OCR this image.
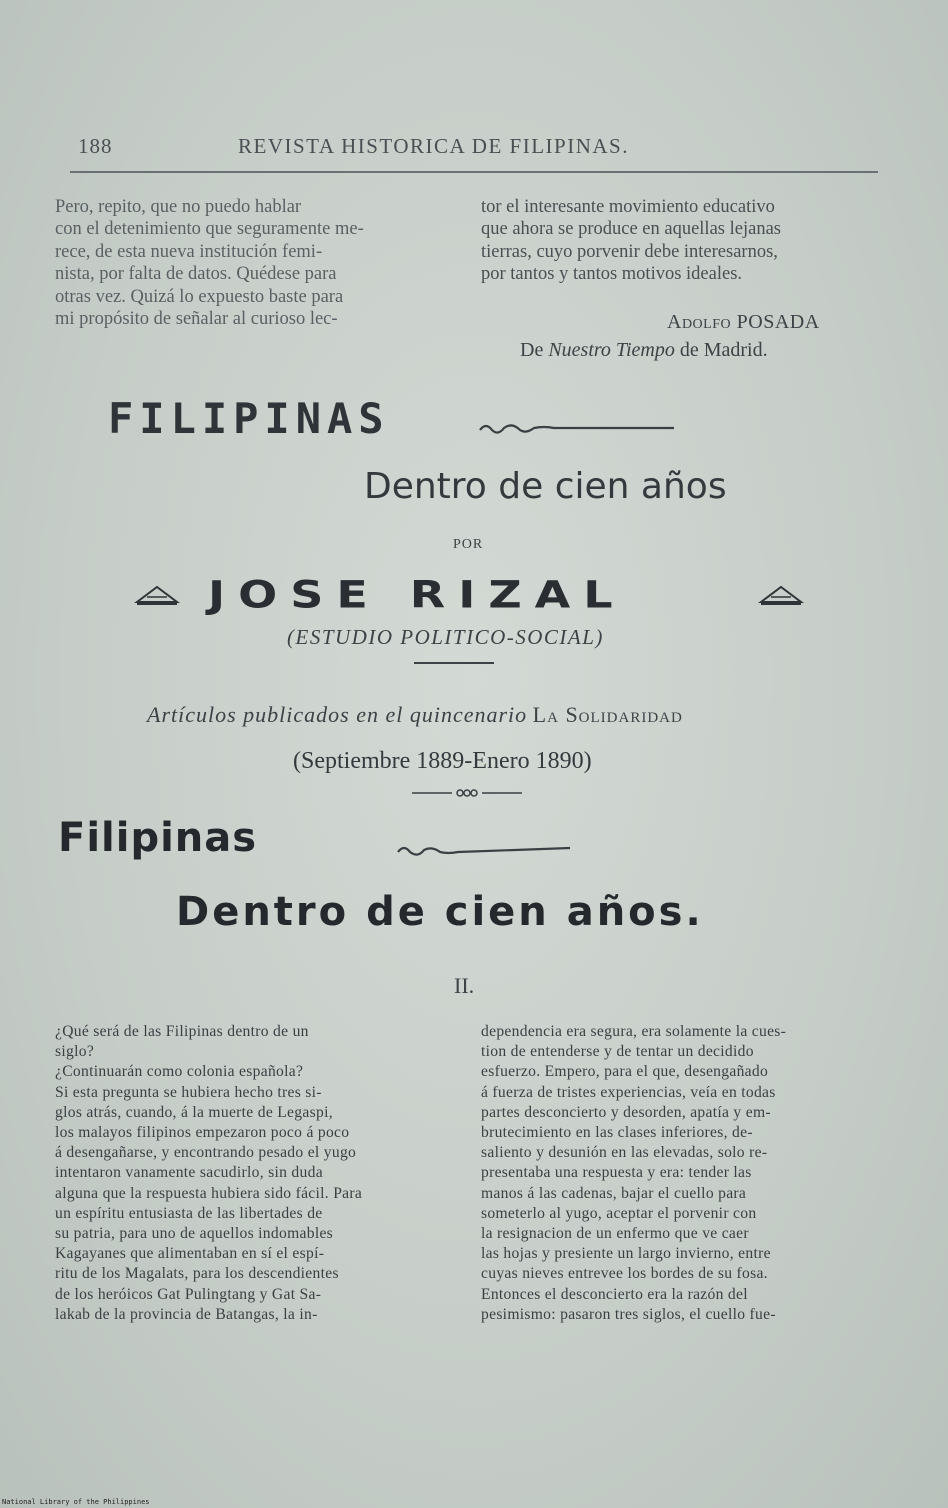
188	REVISTA HISTORICA DE FILIPINAS.

Pero, repito, que no puedo hablar

con el detenimiento que seguramente me-

rece, de esta nueva institución femi-

nista, por falta de datos. Quédese para

otras vez. Quizá lo expuesto baste para

mi propósito de señalar al curioso lec-

tor el interesante movimiento educativo

que ahora se produce en aquellas lejanas

tierras, cuyo porvenir debe interesarnos,

por tantos y tantos motivos ideales.

Adolfo POSADA
De Nuestro Tiempo de Madrid.
FILIPINAS
Dentro de cien años
POR
JOSE RIZAL
(ESTUDIO POLITICO-SOCIAL)
Artículos publicados en el quincenario La Solidaridad
(Septiembre 1889-Enero 1890)
Filipinas
Dentro de cien años.
II.

¿Qué será de las Filipinas dentro de un

siglo?

¿Continuarán como colonia española?

Si esta pregunta se hubiera hecho tres si-

glos atrás, cuando, á la muerte de Legaspi,

los malayos filipinos empezaron poco á poco

á desengañarse, y encontrando pesado el yugo

intentaron vanamente sacudirlo, sin duda

alguna que la respuesta hubiera sido fácil. Para

un espíritu entusiasta de las libertades de

su patria, para uno de aquellos indomables

Kagayanes que alimentaban en sí el espí-

ritu de los Magalats, para los descendientes

de los heróicos Gat Pulingtang y Gat Sa-

lakab de la provincia de Batangas, la in-

dependencia era segura, era solamente la cues-

tion de entenderse y de tentar un decidido

esfuerzo. Empero, para el que, desengañado

á fuerza de tristes experiencias, veía en todas

partes desconcierto y desorden, apatía y em-

brutecimiento en las clases inferiores, de-

saliento y desunión en las elevadas, solo re-

presentaba una respuesta y era: tender las

manos á las cadenas, bajar el cuello para

someterlo al yugo, aceptar el porvenir con

la resignacion de un enfermo que ve caer

las hojas y presiente un largo invierno, entre

cuyas nieves entrevee los bordes de su fosa.

Entonces el desconcierto era la razón del

pesimismo: pasaron tres siglos, el cuello fue-

National Library of the Philippines
